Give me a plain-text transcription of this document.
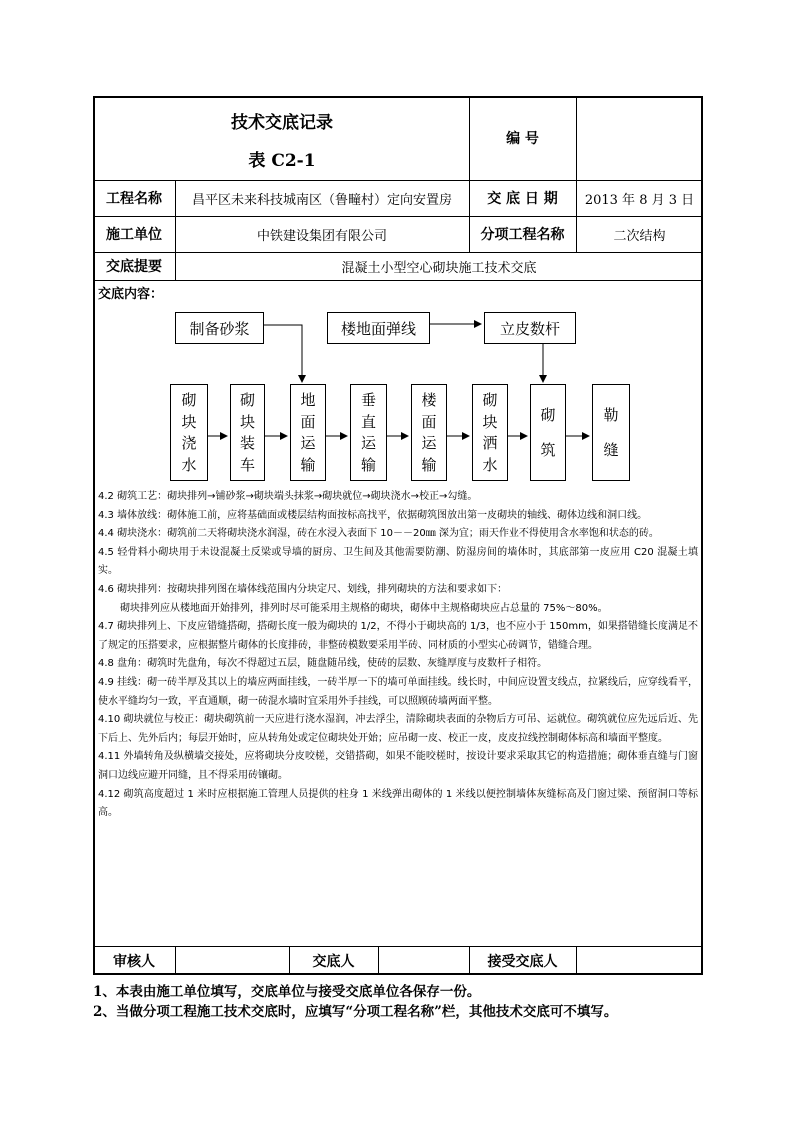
技术交底记录
表 C2-1
编 号
工程名称	昌平区未来科技城南区（鲁疃村）定向安置房	交 底 日 期	2013 年 8 月 3 日
施工单位	中铁建设集团有限公司	分项工程名称	二次结构
交底提要	混凝土小型空心砌块施工技术交底
交底内容：
制备砂浆	楼地面弹线	立皮数杆
砌
块
浇
水
砌
块
装
车
地
面
运
输
垂
直
运
输
楼
面
运
输
砌
块
洒
水
砌
筑
勒
缝

4.2 砌筑工艺：砌块排列→铺砂浆→砌块端头抹浆→砌块就位→砌块浇水→校正→勾缝。

4.3 墙体放线：砌体施工前，应将基础面或楼层结构面按标高找平，依据砌筑图放出第一皮砌块的轴线、砌体边线和洞口线。

4.4 砌块浇水：砌筑前二天将砌块浇水润湿，砖在水浸入表面下 10－－20㎜ 深为宜；雨天作业不得使用含水率饱和状态的砖。

4.5 轻骨料小砌块用于未设混凝土反梁或导墙的厨房、卫生间及其他需要防潮、防湿房间的墙体时，其底部第一皮应用 C20 混凝土填实。

4.6 砌块排列：按砌块排列图在墙体线范围内分块定尺、划线，排列砌块的方法和要求如下：

砌块排列应从楼地面开始排列，排列时尽可能采用主规格的砌块，砌体中主规格砌块应占总量的 75%～80%。

4.7 砌块排列上、下皮应错缝搭砌，搭砌长度一般为砌块的 1/2，不得小于砌块高的 1/3，也不应小于 150mm，如果搭错缝长度满足不了规定的压搭要求，应根据整片砌体的长度排砖，非整砖模数要采用半砖、同材质的小型实心砖调节，错缝合理。

4.8 盘角：砌筑时先盘角，每次不得超过五层，随盘随吊线，使砖的层数、灰缝厚度与皮数杆子相符。

4.9 挂线：砌一砖半厚及其以上的墙应两面挂线，一砖半厚一下的墙可单面挂线。线长时，中间应设置支线点，拉紧线后，应穿线看平，使水平缝均匀一致，平直通顺，砌一砖混水墙时宜采用外手挂线，可以照顾砖墙两面平整。

4.10 砌块就位与校正：砌块砌筑前一天应进行浇水湿润，冲去浮尘，清除砌块表面的杂物后方可吊、运就位。砌筑就位应先远后近、先下后上、先外后内；每层开始时，应从转角处或定位砌块处开始；应吊砌一皮、校正一皮，皮皮拉线控制砌体标高和墙面平整度。

4.11 外墙转角及纵横墙交接处，应将砌块分皮咬槎，交错搭砌，如果不能咬槎时，按设计要求采取其它的构造措施；砌体垂直缝与门窗洞口边线应避开同缝，且不得采用砖镶砌。

4.12 砌筑高度超过 1 米时应根据施工管理人员提供的柱身 1 米线弹出砌体的 1 米线以便控制墙体灰缝标高及门窗过梁、预留洞口等标高。

审核人	交底人	接受交底人
1、本表由施工单位填写，交底单位与接受交底单位各保存一份。
2、当做分项工程施工技术交底时，应填写“分项工程名称”栏，其他技术交底可不填写。
